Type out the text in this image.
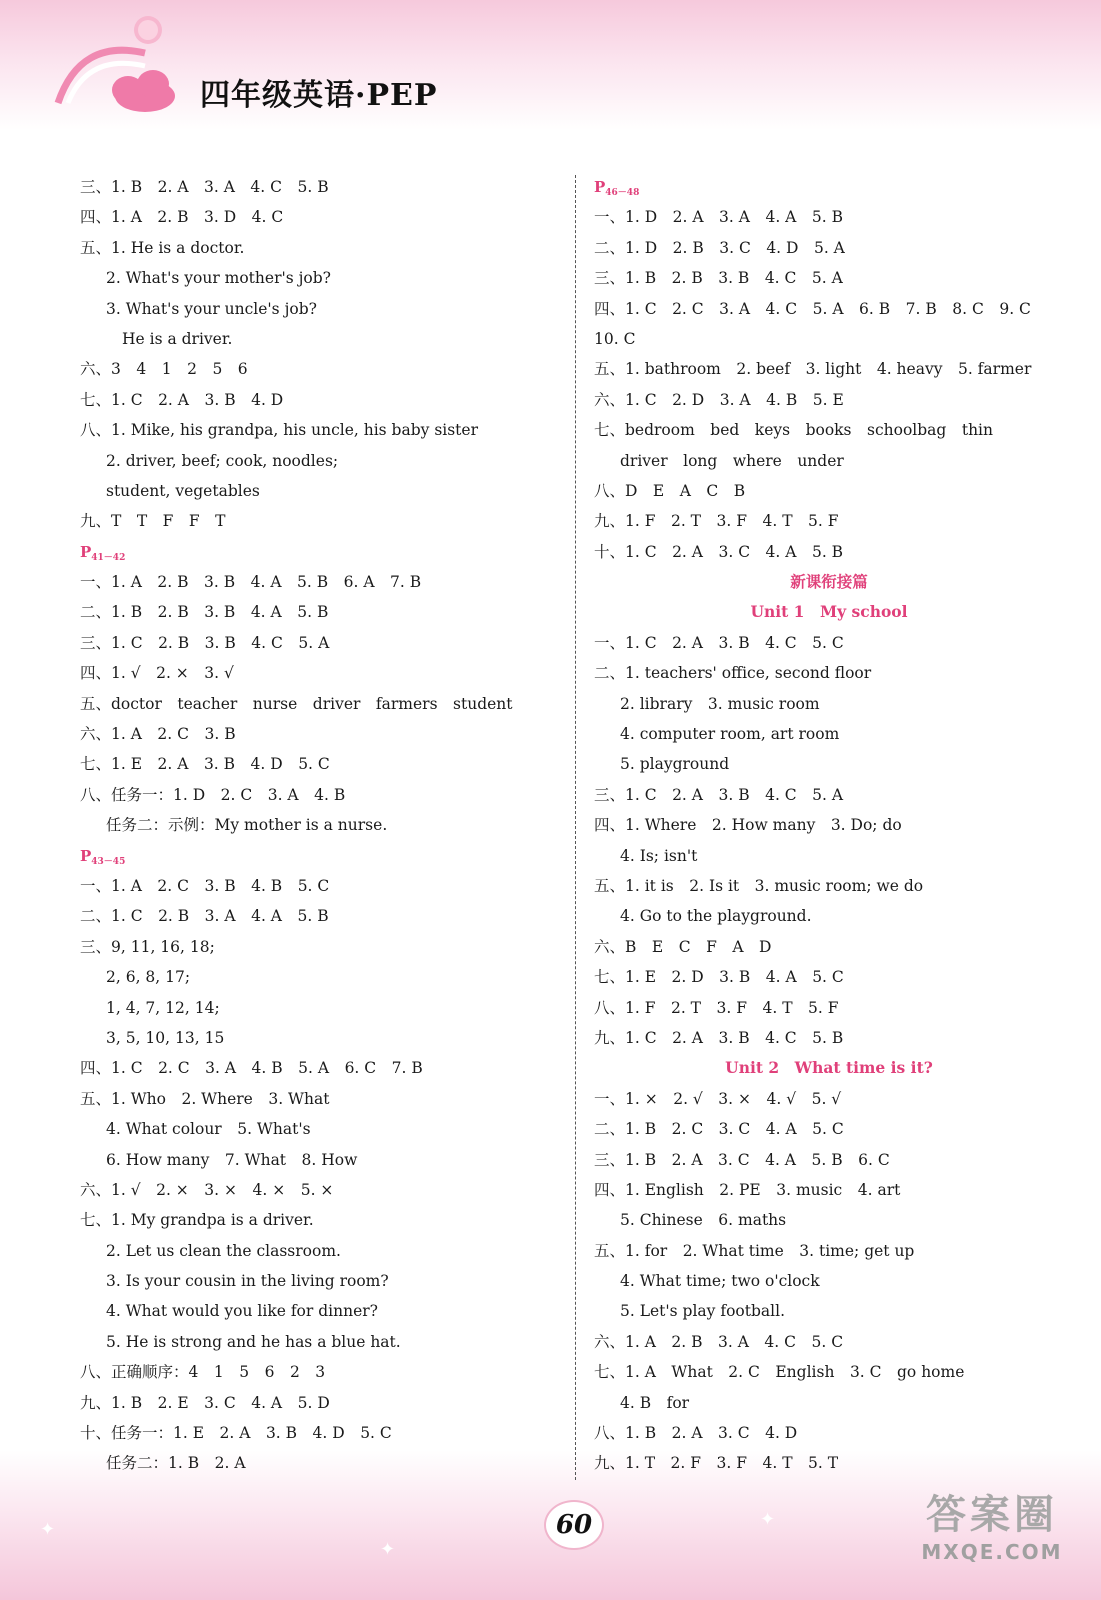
四年级英语·PEP
三、1. B　2. A　3. A　4. C　5. B
四、1. A　2. B　3. D　4. C
五、1. He is a doctor.
2. What's your mother's job?
3. What's your uncle's job?
He is a driver.
六、3　4　1　2　5　6
七、1. C　2. A　3. B　4. D
八、1. Mike, his grandpa, his uncle, his baby sister
2. driver, beef; cook, noodles;
student, vegetables
九、T　T　F　F　T
$P_{41-42}$
一、1. A　2. B　3. B　4. A　5. B　6. A　7. B
二、1. B　2. B　3. B　4. A　5. B
三、1. C　2. B　3. B　4. C　5. A
四、1. √　2. ×　3. √
五、doctor　teacher　nurse　driver　farmers　student
六、1. A　2. C　3. B
七、1. E　2. A　3. B　4. D　5. C
八、任务一：1. D　2. C　3. A　4. B
任务二：示例：My mother is a nurse.
$P_{43-45}$
一、1. A　2. C　3. B　4. B　5. C
二、1. C　2. B　3. A　4. A　5. B
三、9, 11, 16, 18;
2, 6, 8, 17;
1, 4, 7, 12, 14;
3, 5, 10, 13, 15
四、1. C　2. C　3. A　4. B　5. A　6. C　7. B
五、1. Who　2. Where　3. What
4. What colour　5. What's
6. How many　7. What　8. How
六、1. √　2. ×　3. ×　4. ×　5. ×
七、1. My grandpa is a driver.
2. Let us clean the classroom.
3. Is your cousin in the living room?
4. What would you like for dinner?
5. He is strong and he has a blue hat.
八、正确顺序：4　1　5　6　2　3
九、1. B　2. E　3. C　4. A　5. D
十、任务一：1. E　2. A　3. B　4. D　5. C
任务二：1. B　2. A
$P_{46-48}$
一、1. D　2. A　3. A　4. A　5. B
二、1. D　2. B　3. C　4. D　5. A
三、1. B　2. B　3. B　4. C　5. A
四、1. C　2. C　3. A　4. C　5. A　6. B　7. B　8. C　9. C
10. C
五、1. bathroom　2. beef　3. light　4. heavy　5. farmer
六、1. C　2. D　3. A　4. B　5. E
七、bedroom　bed　keys　books　schoolbag　thin
driver　long　where　under
八、D　E　A　C　B
九、1. F　2. T　3. F　4. T　5. F
十、1. C　2. A　3. C　4. A　5. B
新课衔接篇
Unit 1　My school
一、1. C　2. A　3. B　4. C　5. C
二、1. teachers' office, second floor
2. library　3. music room
4. computer room, art room
5. playground
三、1. C　2. A　3. B　4. C　5. A
四、1. Where　2. How many　3. Do; do
4. Is; isn't
五、1. it is　2. Is it　3. music room; we do
4. Go to the playground.
六、B　E　C　F　A　D
七、1. E　2. D　3. B　4. A　5. C
八、1. F　2. T　3. F　4. T　5. F
九、1. C　2. A　3. B　4. C　5. B
Unit 2　What time is it?
一、1. ×　2. √　3. ×　4. √　5. √
二、1. B　2. C　3. C　4. A　5. C
三、1. B　2. A　3. C　4. A　5. B　6. C
四、1. English　2. PE　3. music　4. art
5. Chinese　6. maths
五、1. for　2. What time　3. time; get up
4. What time; two o'clock
5. Let's play football.
六、1. A　2. B　3. A　4. C　5. C
七、1. A　What　2. C　English　3. C　go home
4. B　for
八、1. B　2. A　3. C　4. D
九、1. T　2. F　3. F　4. T　5. T
60
✦
✦
✦	答案圈
MXQE.COM
